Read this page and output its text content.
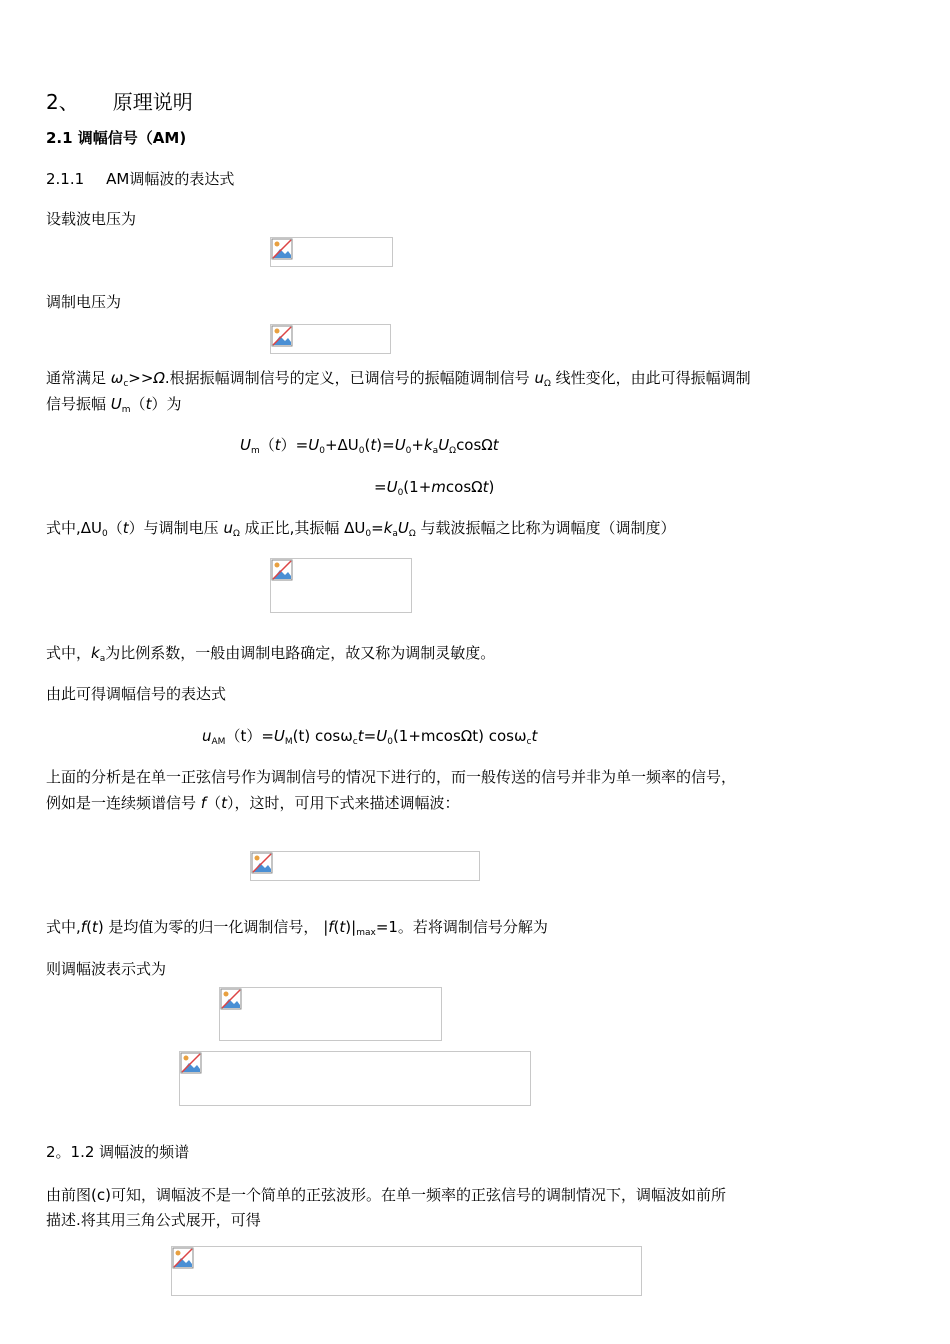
2、 原理说明
2.1 调幅信号（AM)
2.1.1 AM调幅波的表达式
设载波电压为
调制电压为
通常满足 $\omega_c>>\Omega$.根据振幅调制信号的定义，已调信号的振幅随调制信号 $u_\Omega$ 线性变化，由此可得振幅调制
信号振幅 $U_m(t)$为
$U_m(t)=U_0+\Delta U_0(t)=U_0+k_aU_\Omega\cos\Omega t$
$=U_0(1+mcos\Omega t)$
式中$,\Delta U_0(t)$与调制电压 $u_\Omega$ 成正比,其振幅 $\Delta U_0=k_aU_\Omega$ 与载波振幅之比称为调幅度（调制度）
式中，$k_a$为比例系数，一般由调制电路确定，故又称为调制灵敏度。
由此可得调幅信号的表达式
$u_{AM}(t)=U_M(t)$ $\cos\omega_ct=U_0(1+mcos\Omega t)$ cosω$_c$t
上面的分析是在单一正弦信号作为调制信号的情况下进行的，而一般传送的信号并非为单一频率的信号，
例如是一连续频谱信号 f（t），这时，可用下式来描述调幅波：
式中,f(t) 是均值为零的归一化调制信号， $|f(t)|_{max}=1$。若将调制信号分解为
则调幅波表示式为
2。1.2 调幅波的频谱
由前图(c)可知，调幅波不是一个简单的正弦波形。在单一频率的正弦信号的调制情况下，调幅波如前所
描述.将其用三角公式展开，可得
